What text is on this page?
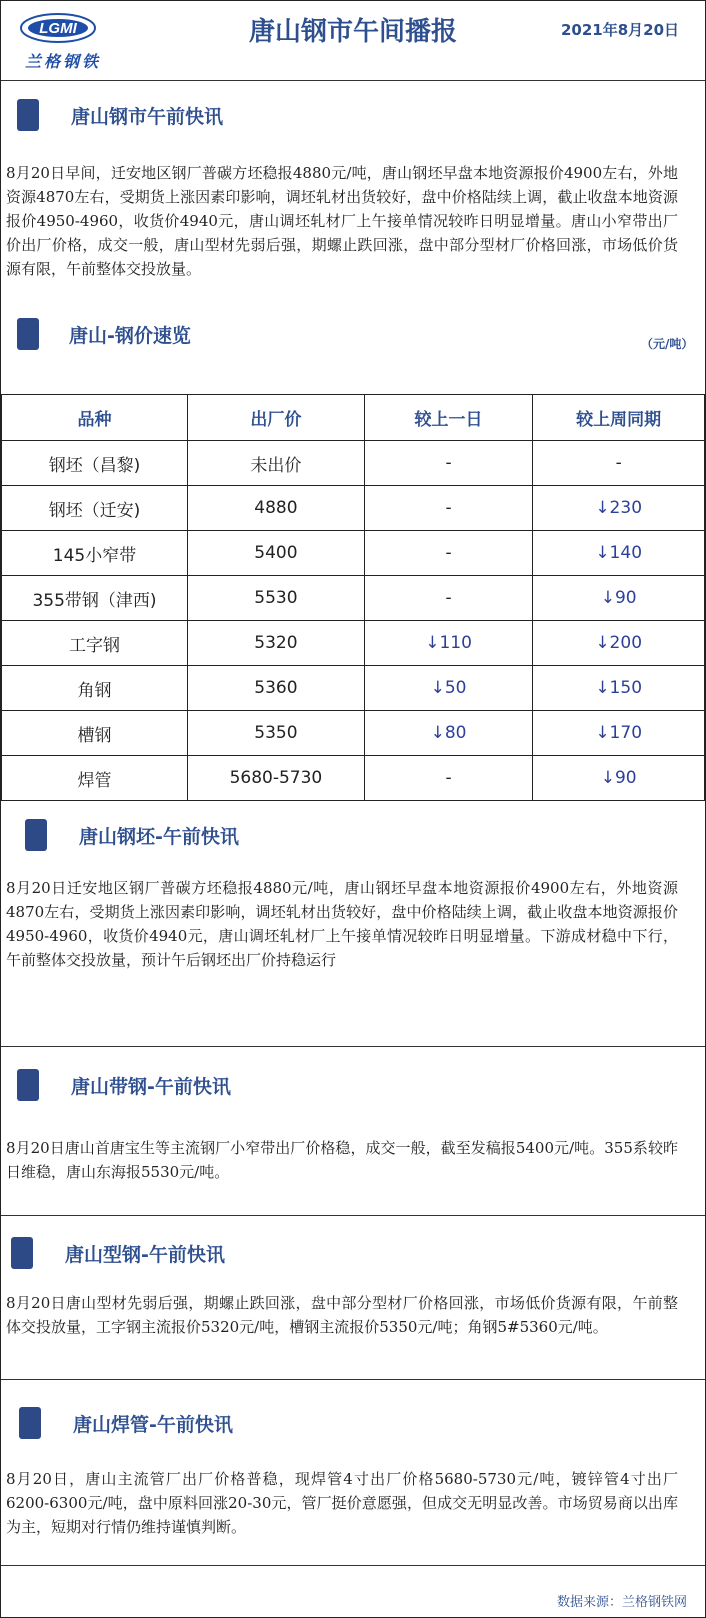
LGMI
兰格钢铁
唐山钢市午间播报	2021年8月20日
唐山钢市午前快讯
8月20日早间，迁安地区钢厂普碳方坯稳报4880元/吨，唐山钢坯早盘本地资源报价4900左右，外地资源4870左右，受期货上涨因素印影响，调坯轧材出货较好，盘中价格陆续上调，截止收盘本地资源报价4950-4960，收货价4940元，唐山调坯轧材厂上午接单情况较昨日明显增量。唐山小窄带出厂价出厂价格，成交一般，唐山型材先弱后强，期螺止跌回涨，盘中部分型材厂价格回涨，市场低价货源有限，午前整体交投放量。
唐山-钢价速览	（元/吨）
品种	出厂价	较上一日	较上周同期
钢坯（昌黎)	未出价	-	-
钢坯（迁安)	4880	-	↓230
145小窄带	5400	-	↓140
355带钢（津西)	5530	-	↓90
工字钢	5320	↓110	↓200
角钢	5360	↓50	↓150
槽钢	5350	↓80	↓170
焊管	5680-5730	-	↓90
唐山钢坯-午前快讯
8月20日迁安地区钢厂普碳方坯稳报4880元/吨，唐山钢坯早盘本地资源报价4900左右，外地资源4870左右，受期货上涨因素印影响，调坯轧材出货较好，盘中价格陆续上调，截止收盘本地资源报价4950-4960，收货价4940元，唐山调坯轧材厂上午接单情况较昨日明显增量。下游成材稳中下行，午前整体交投放量，预计午后钢坯出厂价持稳运行
唐山带钢-午前快讯
8月20日唐山首唐宝生等主流钢厂小窄带出厂价格稳，成交一般，截至发稿报5400元/吨。355系较昨日维稳，唐山东海报5530元/吨。
唐山型钢-午前快讯
8月20日唐山型材先弱后强，期螺止跌回涨，盘中部分型材厂价格回涨，市场低价货源有限，午前整体交投放量，工字钢主流报价5320元/吨，槽钢主流报价5350元/吨；角钢5#5360元/吨。
唐山焊管-午前快讯
8月20日，唐山主流管厂出厂价格普稳，现焊管4寸出厂价格5680-5730元/吨，镀锌管4寸出厂6200-6300元/吨，盘中原料回涨20-30元，管厂挺价意愿强，但成交无明显改善。市场贸易商以出库为主，短期对行情仍维持谨慎判断。
数据来源：兰格钢铁网
